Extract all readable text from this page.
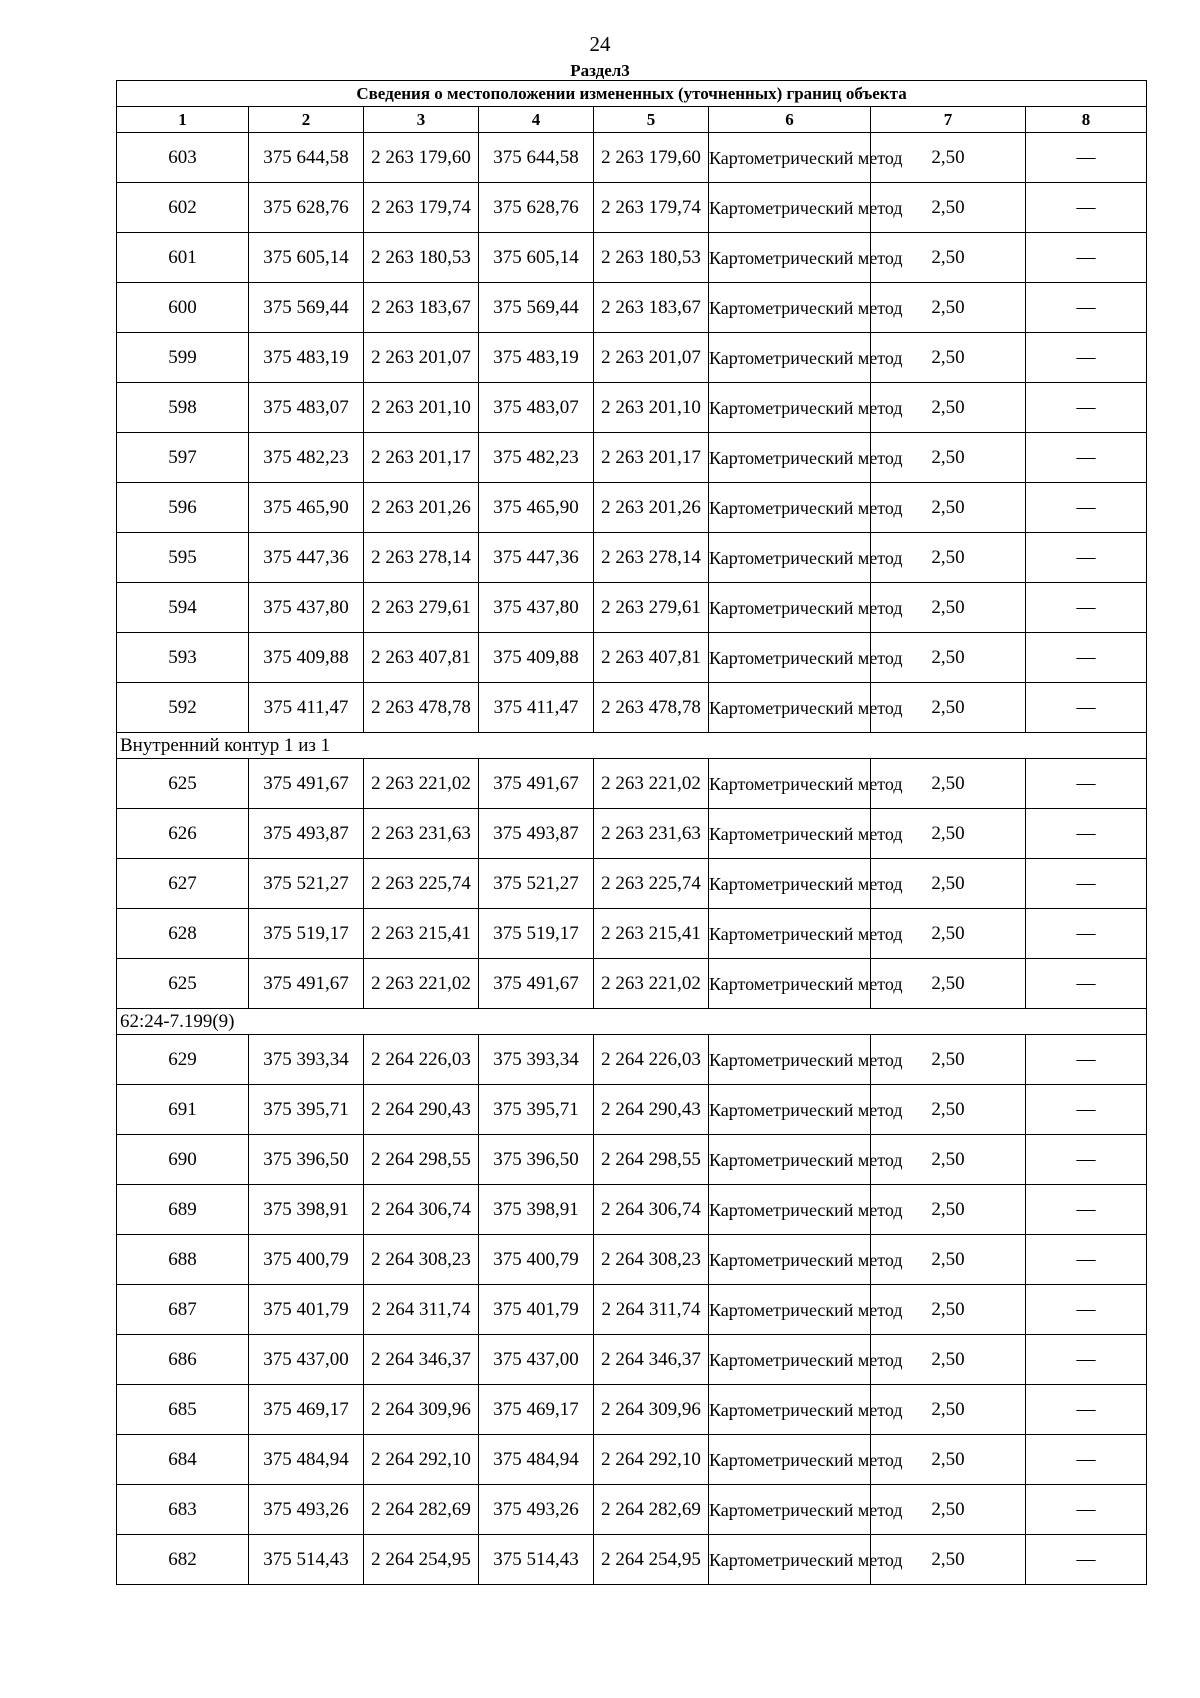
24
Раздел3
Сведения о местоположении измененных (уточненных) границ объекта							
1	2	3	4	5	6	7	8
603	375 644,58	2 263 179,60	375 644,58	2 263 179,60	Картометрический метод	2,50	—
602	375 628,76	2 263 179,74	375 628,76	2 263 179,74	Картометрический метод	2,50	—
601	375 605,14	2 263 180,53	375 605,14	2 263 180,53	Картометрический метод	2,50	—
600	375 569,44	2 263 183,67	375 569,44	2 263 183,67	Картометрический метод	2,50	—
599	375 483,19	2 263 201,07	375 483,19	2 263 201,07	Картометрический метод	2,50	—
598	375 483,07	2 263 201,10	375 483,07	2 263 201,10	Картометрический метод	2,50	—
597	375 482,23	2 263 201,17	375 482,23	2 263 201,17	Картометрический метод	2,50	—
596	375 465,90	2 263 201,26	375 465,90	2 263 201,26	Картометрический метод	2,50	—
595	375 447,36	2 263 278,14	375 447,36	2 263 278,14	Картометрический метод	2,50	—
594	375 437,80	2 263 279,61	375 437,80	2 263 279,61	Картометрический метод	2,50	—
593	375 409,88	2 263 407,81	375 409,88	2 263 407,81	Картометрический метод	2,50	—
592	375 411,47	2 263 478,78	375 411,47	2 263 478,78	Картометрический метод	2,50	—
Внутренний контур 1 из 1							
625	375 491,67	2 263 221,02	375 491,67	2 263 221,02	Картометрический метод	2,50	—
626	375 493,87	2 263 231,63	375 493,87	2 263 231,63	Картометрический метод	2,50	—
627	375 521,27	2 263 225,74	375 521,27	2 263 225,74	Картометрический метод	2,50	—
628	375 519,17	2 263 215,41	375 519,17	2 263 215,41	Картометрический метод	2,50	—
625	375 491,67	2 263 221,02	375 491,67	2 263 221,02	Картометрический метод	2,50	—
62:24-7.199(9)							
629	375 393,34	2 264 226,03	375 393,34	2 264 226,03	Картометрический метод	2,50	—
691	375 395,71	2 264 290,43	375 395,71	2 264 290,43	Картометрический метод	2,50	—
690	375 396,50	2 264 298,55	375 396,50	2 264 298,55	Картометрический метод	2,50	—
689	375 398,91	2 264 306,74	375 398,91	2 264 306,74	Картометрический метод	2,50	—
688	375 400,79	2 264 308,23	375 400,79	2 264 308,23	Картометрический метод	2,50	—
687	375 401,79	2 264 311,74	375 401,79	2 264 311,74	Картометрический метод	2,50	—
686	375 437,00	2 264 346,37	375 437,00	2 264 346,37	Картометрический метод	2,50	—
685	375 469,17	2 264 309,96	375 469,17	2 264 309,96	Картометрический метод	2,50	—
684	375 484,94	2 264 292,10	375 484,94	2 264 292,10	Картометрический метод	2,50	—
683	375 493,26	2 264 282,69	375 493,26	2 264 282,69	Картометрический метод	2,50	—
682	375 514,43	2 264 254,95	375 514,43	2 264 254,95	Картометрический метод	2,50	—
